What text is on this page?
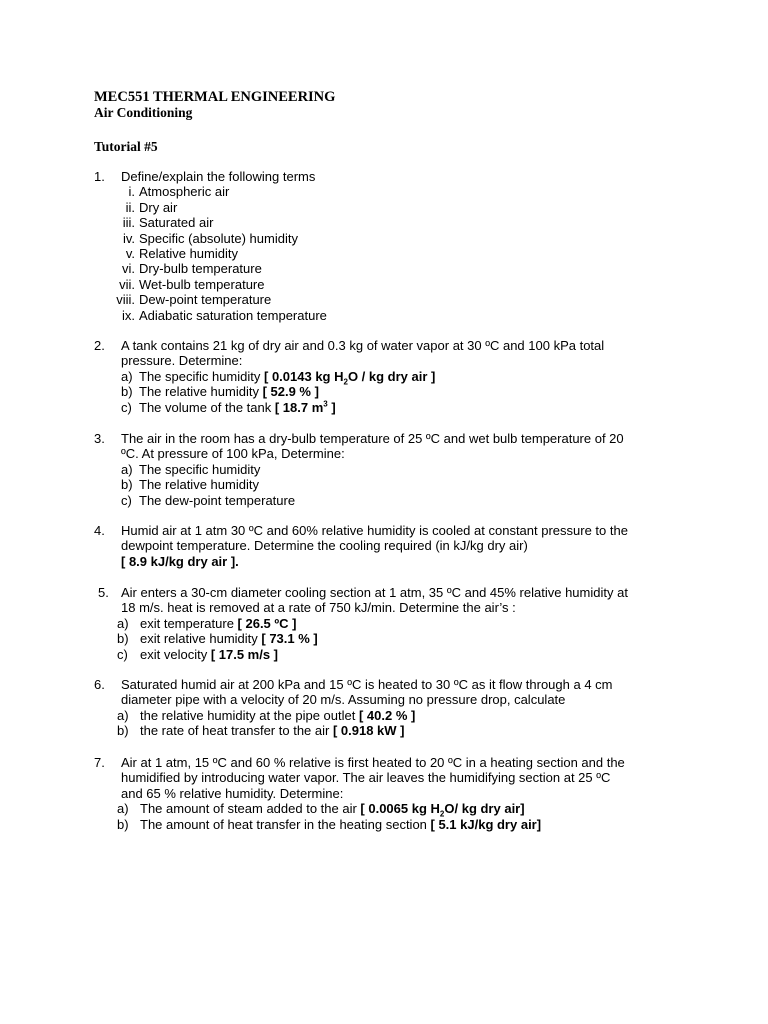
MEC551 THERMAL ENGINEERING
Air Conditioning
Tutorial #5
1. Define/explain the following terms

i. Atmospheric air
ii. Dry air
iii. Saturated air
iv. Specific (absolute) humidity
v. Relative humidity
vi. Dry-bulb temperature
vii. Wet-bulb temperature
viii. Dew-point temperature
ix. Adiabatic saturation temperature
2. A tank contains 21 kg of dry air and 0.3 kg of water vapor at 30 ºC and 100 kPa total

pressure. Determine:

a) The specific humidity [ 0.0143 kg $H_2O$ / kg dry air ]
b) The relative humidity [ 52.9 % ]
c) The volume of the tank [ 18.7 $m^3$ ]
3. The air in the room has a dry-bulb temperature of 25 ºC and wet bulb temperature of 20

ºC. At pressure of 100 kPa, Determine:

a) The specific humidity
b) The relative humidity
c) The dew-point temperature
4. Humid air at 1 atm 30 ºC and 60% relative humidity is cooled at constant pressure to the

dewpoint temperature. Determine the cooling required (in kJ/kg dry air)

[ 8.9 kJ/kg dry air ].

5. Air enters a 30-cm diameter cooling section at 1 atm, 35 ºC and 45% relative humidity at

18 m/s. heat is removed at a rate of 750 kJ/min. Determine the air’s :

a) exit temperature [ 26.5 ºC ]
b) exit relative humidity [ 73.1 % ]
c) exit velocity [ 17.5 m/s ]
6. Saturated humid air at 200 kPa and 15 ºC is heated to 30 ºC as it flow through a 4 cm

diameter pipe with a velocity of 20 m/s. Assuming no pressure drop, calculate

a) the relative humidity at the pipe outlet [ 40.2 % ]
b) the rate of heat transfer to the air [ 0.918 kW ]
7. Air at 1 atm, 15 ºC and 60 % relative is first heated to 20 ºC in a heating section and the

humidified by introducing water vapor. The air leaves the humidifying section at 25 ºC

and 65 % relative humidity. Determine:

a) The amount of steam added to the air [ 0.0065 kg $H_2O/$ kg dry air]
b) The amount of heat transfer in the heating section [ 5.1 kJ/kg dry air]
